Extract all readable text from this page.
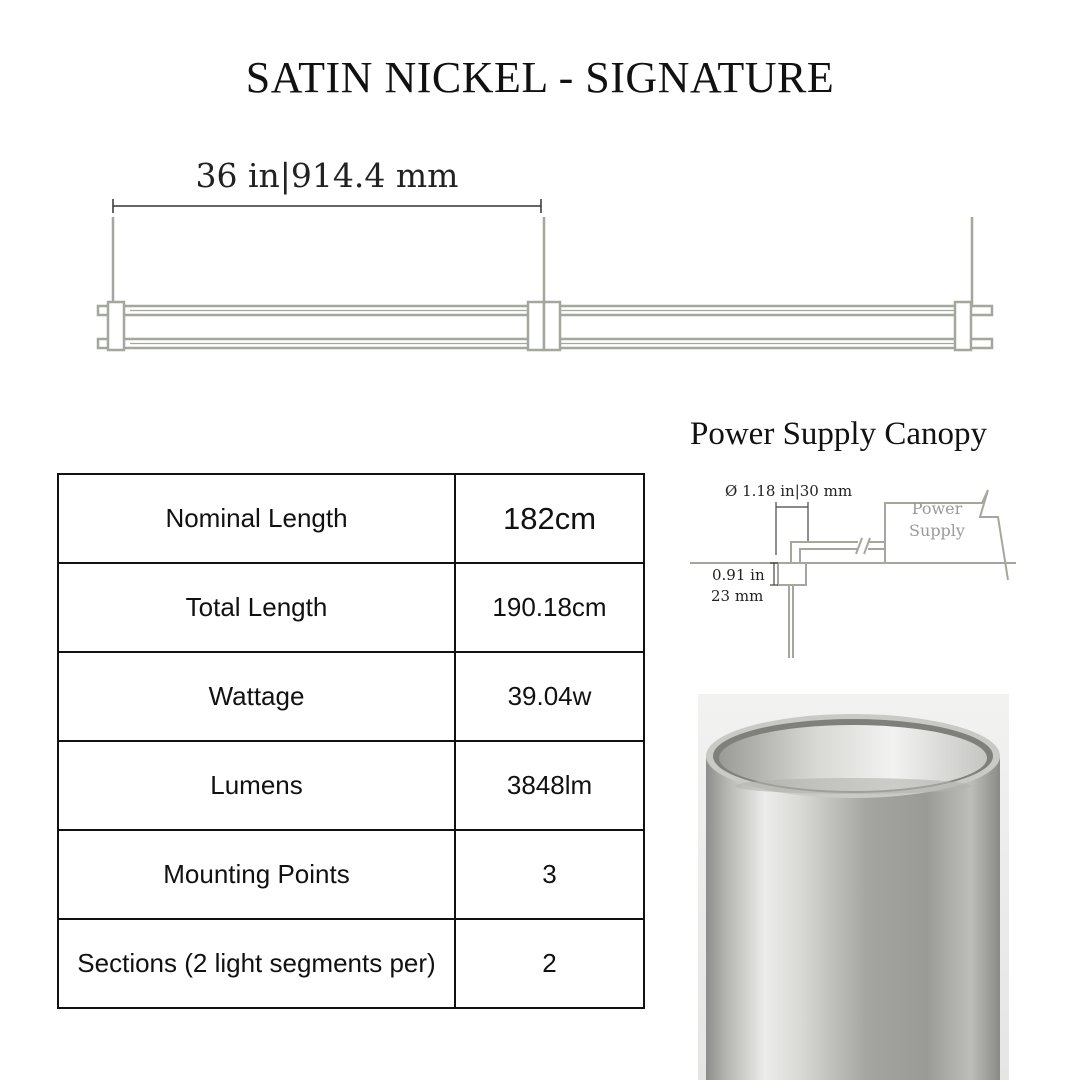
SATIN NICKEL - SIGNATURE
36 in|914.4 mm
Nominal Length	182cm
Total Length	190.18cm
Wattage	39.04w
Lumens	3848lm
Mounting Points	3
Sections (2 light segments per)	2
Power Supply Canopy
Ø 1.18 in|30 mm
Power
Supply
0.91 in
23 mm
